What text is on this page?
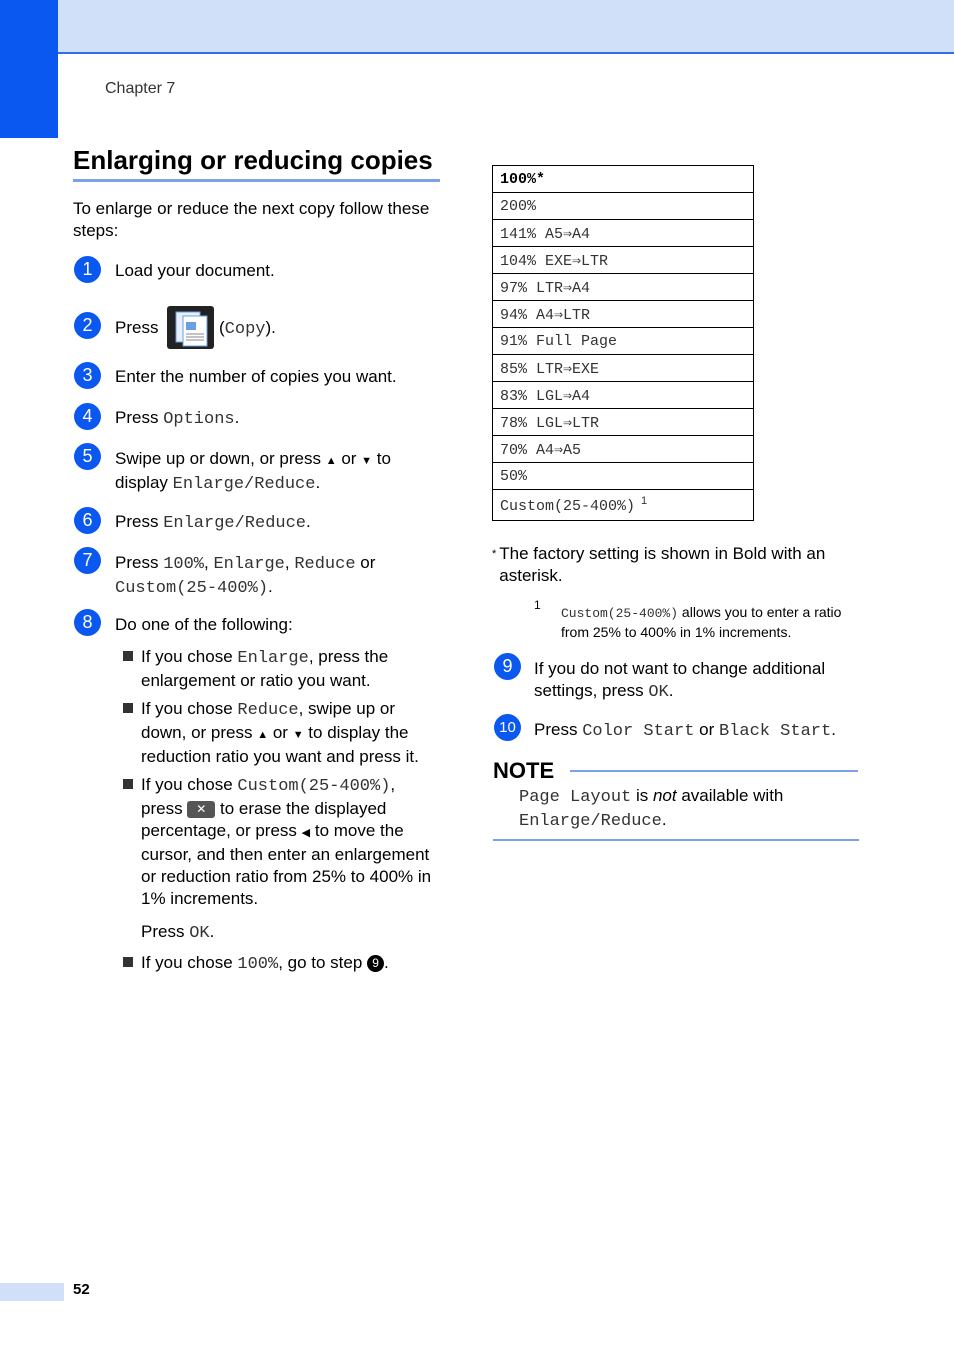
Chapter 7
Enlarging or reducing copies
To enlarge or reduce the next copy follow these steps:
1	Load your document.
2	Press	(Copy).
3	Enter the number of copies you want.
4	Press Options.
5	Swipe up or down, or press ▲ or ▼ to
display Enlarge/Reduce.
6	Press Enlarge/Reduce.
7	Press 100%, Enlarge, Reduce or
Custom(25-400%).
8	Do one of the following:
If you chose Enlarge, press the enlargement or ratio you want.
If you chose Reduce, swipe up or down, or press ▲ or ▼ to display the reduction ratio you want and press it.
If you chose Custom(25-400%),
press ✕ to erase the displayed percentage, or press ◀ to move the cursor, and then enter an enlargement or reduction ratio from 25% to 400% in 1% increments.
Press OK.
If you chose 100%, go to step 9 .
100%*
200%
141% A5⇒A4
104% EXE⇒LTR
97% LTR⇒A4
94% A4⇒LTR
91% Full Page
85% LTR⇒EXE
83% LGL⇒A4
78% LGL⇒LTR
70% A4⇒A5
50%
Custom(25-400%) $^1$
* The factory setting is shown in Bold with an asterisk.
1
Custom(25-400%) allows you to enter a ratio from 25% to 400% in 1% increments.
9	If you do not want to change additional settings, press OK.
10	Press Color Start or Black Start.
NOTE
Page Layout is not available with
Enlarge/Reduce.
52
